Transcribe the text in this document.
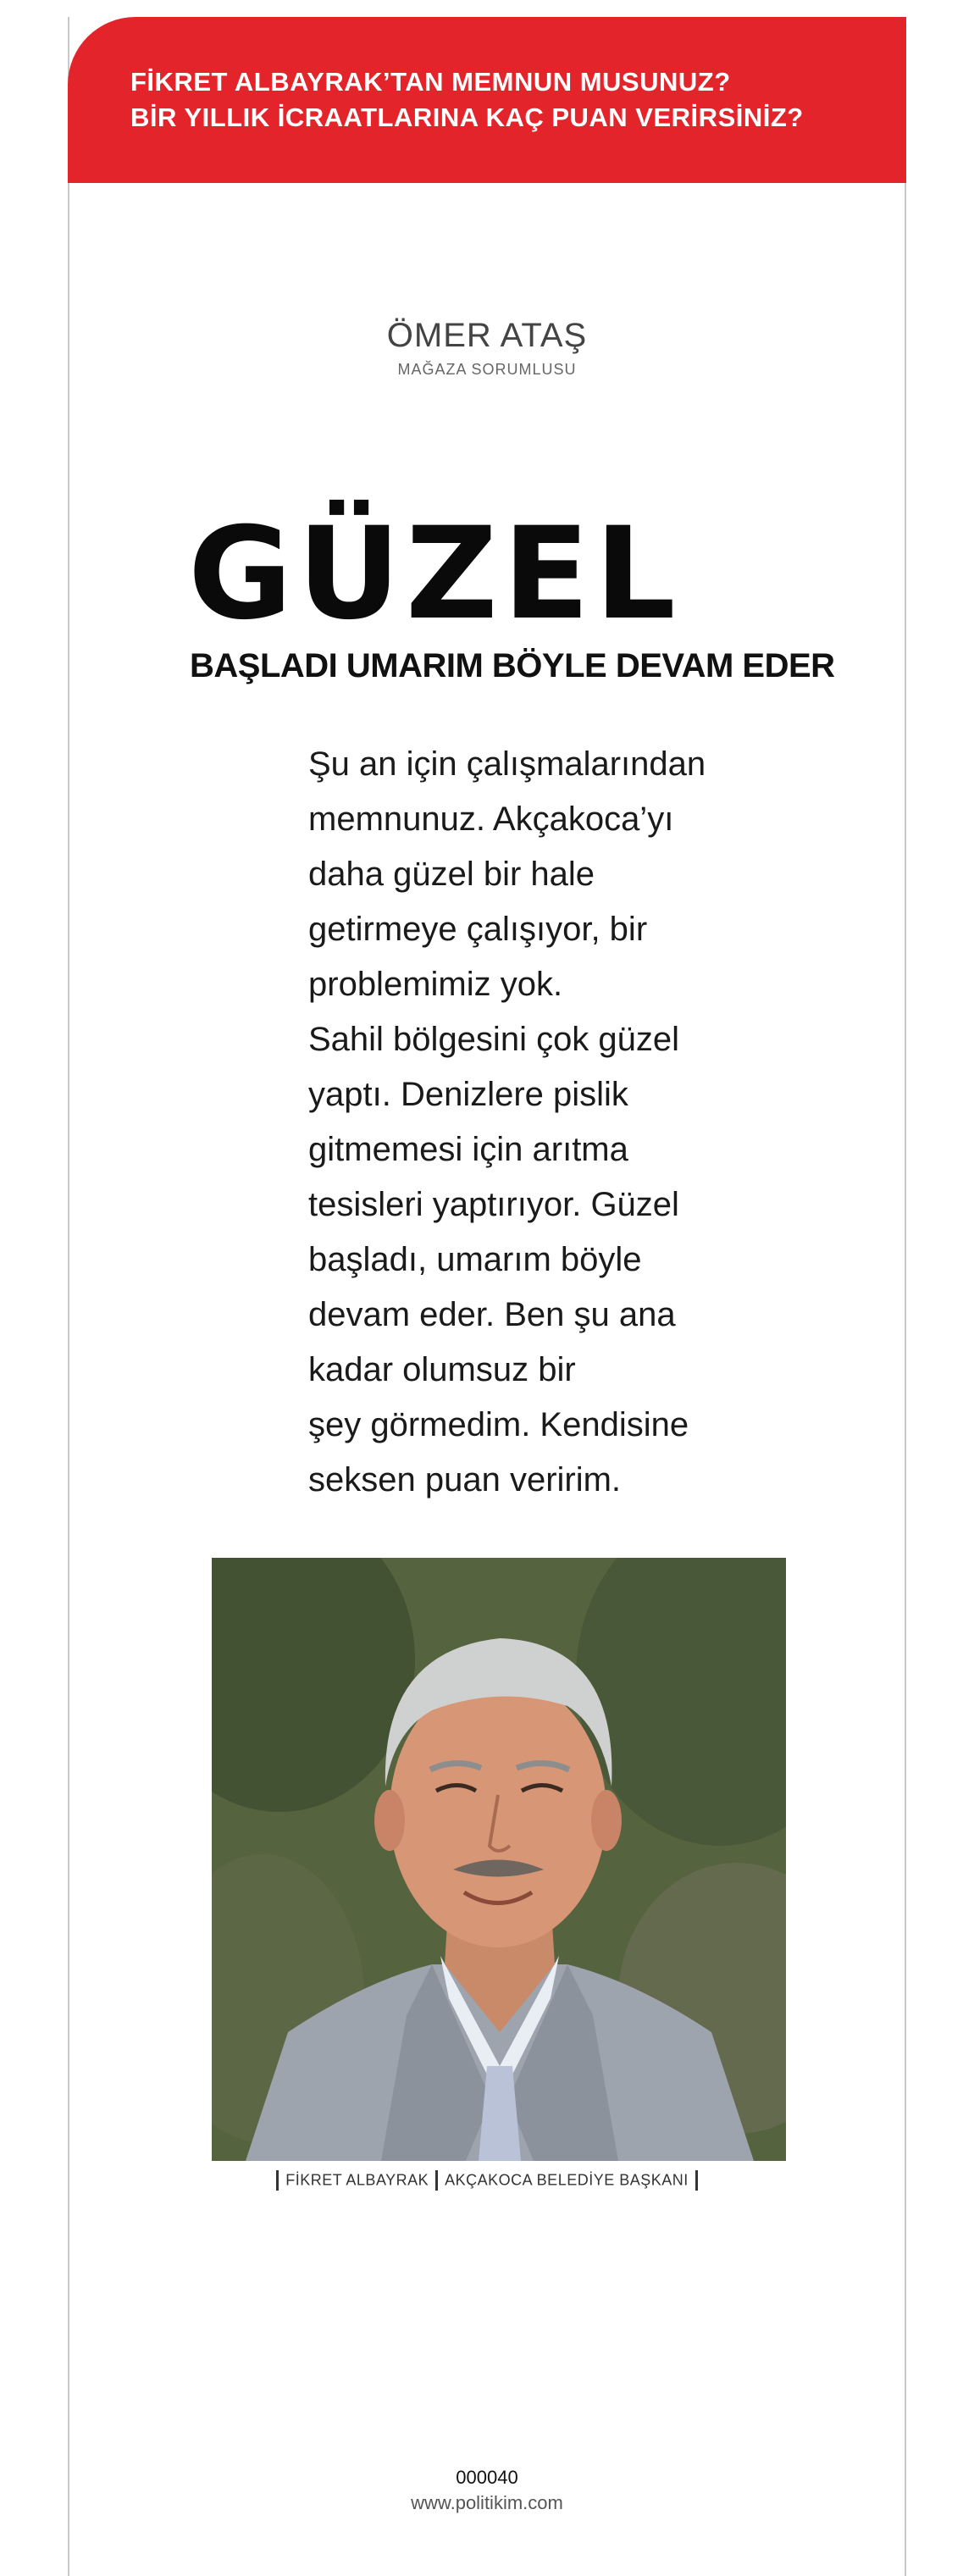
FİKRET ALBAYRAK’TAN MEMNUN MUSUNUZ?
BİR YILLIK İCRAATLARINA KAÇ PUAN VERİRSİNİZ?
ÖMER ATAŞ
MAĞAZA SORUMLUSU
GÜZEL
BAŞLADI UMARIM BÖYLE DEVAM EDER
Şu an için çalışmalarından
memnunuz. Akçakoca’yı
daha güzel bir hale
getirmeye çalışıyor, bir
problemimiz yok.
Sahil bölgesini çok güzel
yaptı. Denizlere pislik
gitmemesi için arıtma
tesisleri yaptırıyor. Güzel
başladı, umarım böyle
devam eder. Ben şu ana
kadar olumsuz bir
şey görmedim. Kendisine
seksen puan veririm.
FİKRET ALBAYRAK AKÇAKOCA BELEDİYE BAŞKANI
000040
www.politikim.com
